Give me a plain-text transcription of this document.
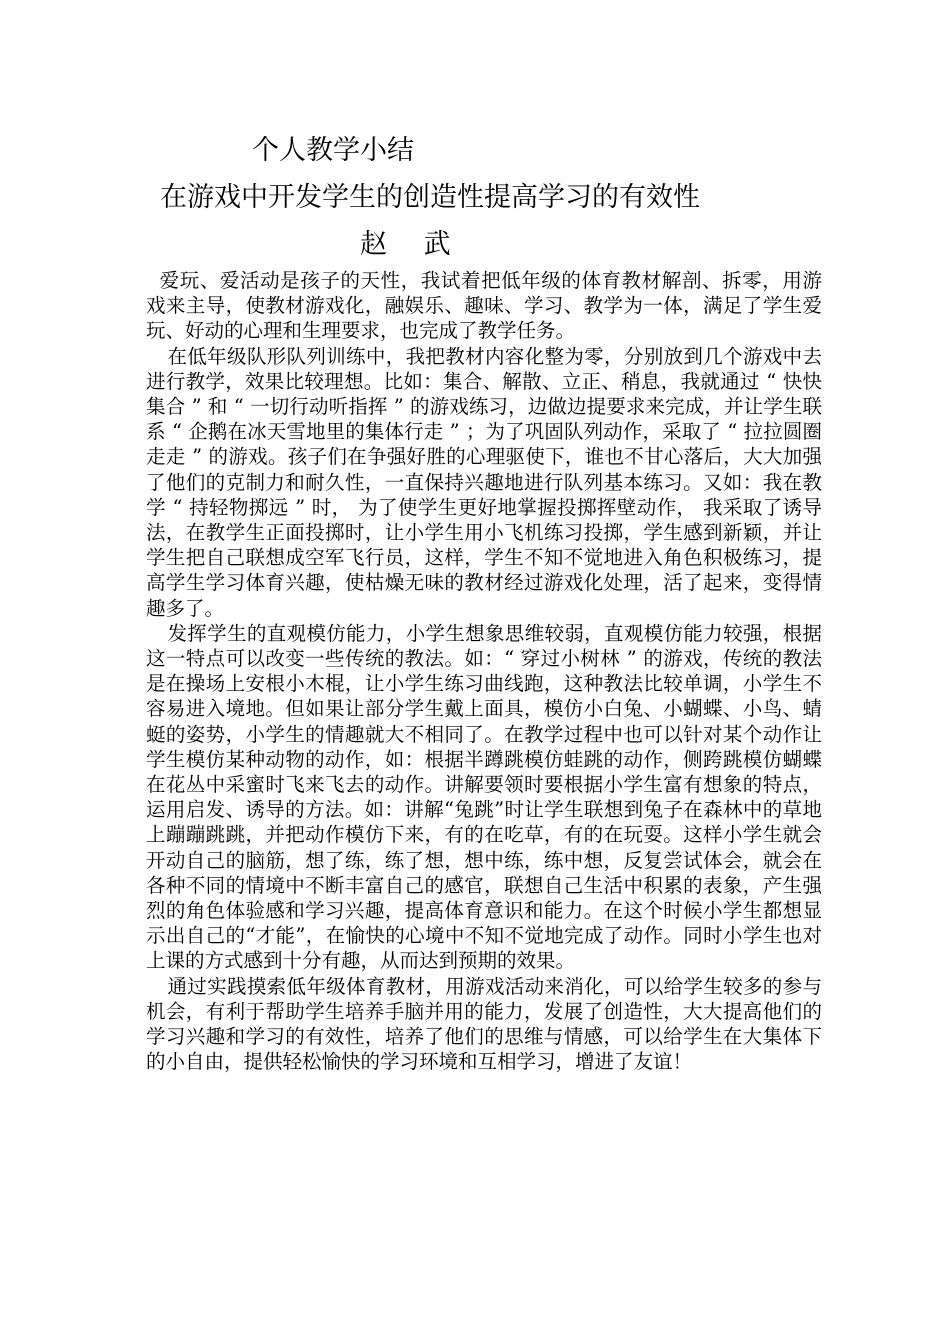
个人教学小结
在游戏中开发学生的创造性提高学习的有效性
赵 武

爱玩、爱活动是孩子的天性，我试着把低年级的体育教材解剖、拆零，用游戏来主导，使教材游戏化，融娱乐、趣味、学习、教学为一体，满足了学生爱玩、好动的心理和生理要求，也完成了教学任务。

在低年级队形队列训练中，我把教材内容化整为零，分别放到几个游戏中去进行教学，效果比较理想。比如：集合、解散、立正、稍息，我就通过 “ 快快集合 ” 和 “ 一切行动听指挥 ” 的游戏练习，边做边提要求来完成，并让学生联系 “ 企鹅在冰天雪地里的集体行走 ” ；为了巩固队列动作，采取了 “ 拉拉圆圈走走 ” 的游戏。孩子们在争强好胜的心理驱使下，谁也不甘心落后，大大加强了他们的克制力和耐久性，一直保持兴趣地进行队列基本练习。又如：我在教学 “ 持轻物掷远 ” 时， 为了使学生更好地掌握投掷挥壁动作， 我采取了诱导法，在教学生正面投掷时，让小学生用小飞机练习投掷，学生感到新颖，并让学生把自己联想成空军飞行员，这样，学生不知不觉地进入角色积极练习，提高学生学习体育兴趣，使枯燥无味的教材经过游戏化处理，活了起来，变得情趣多了。

发挥学生的直观模仿能力，小学生想象思维较弱，直观模仿能力较强，根据这一特点可以改变一些传统的教法。如：“ 穿过小树林 ” 的游戏，传统的教法是在操场上安根小木棍，让小学生练习曲线跑，这种教法比较单调，小学生不容易进入境地。但如果让部分学生戴上面具，模仿小白兔、小蝴蝶、小鸟、蜻蜓的姿势，小学生的情趣就大不相同了。在教学过程中也可以针对某个动作让学生模仿某种动物的动作，如：根据半蹲跳模仿蛙跳的动作，侧跨跳模仿蝴蝶在花丛中采蜜时飞来飞去的动作。讲解要领时要根据小学生富有想象的特点，运用启发、诱导的方法。如：讲解“兔跳”时让学生联想到兔子在森林中的草地上蹦蹦跳跳，并把动作模仿下来，有的在吃草，有的在玩耍。这样小学生就会开动自己的脑筋，想了练，练了想，想中练，练中想，反复尝试体会，就会在各种不同的情境中不断丰富自己的感官，联想自己生活中积累的表象，产生强烈的角色体验感和学习兴趣，提高体育意识和能力。在这个时候小学生都想显示出自己的“才能”，在愉快的心境中不知不觉地完成了动作。同时小学生也对上课的方式感到十分有趣，从而达到预期的效果。

通过实践摸索低年级体育教材，用游戏活动来消化，可以给学生较多的参与机会，有利于帮助学生培养手脑并用的能力，发展了创造性，大大提高他们的学习兴趣和学习的有效性，培养了他们的思维与情感，可以给学生在大集体下的小自由，提供轻松愉快的学习环境和互相学习，增进了友谊！
